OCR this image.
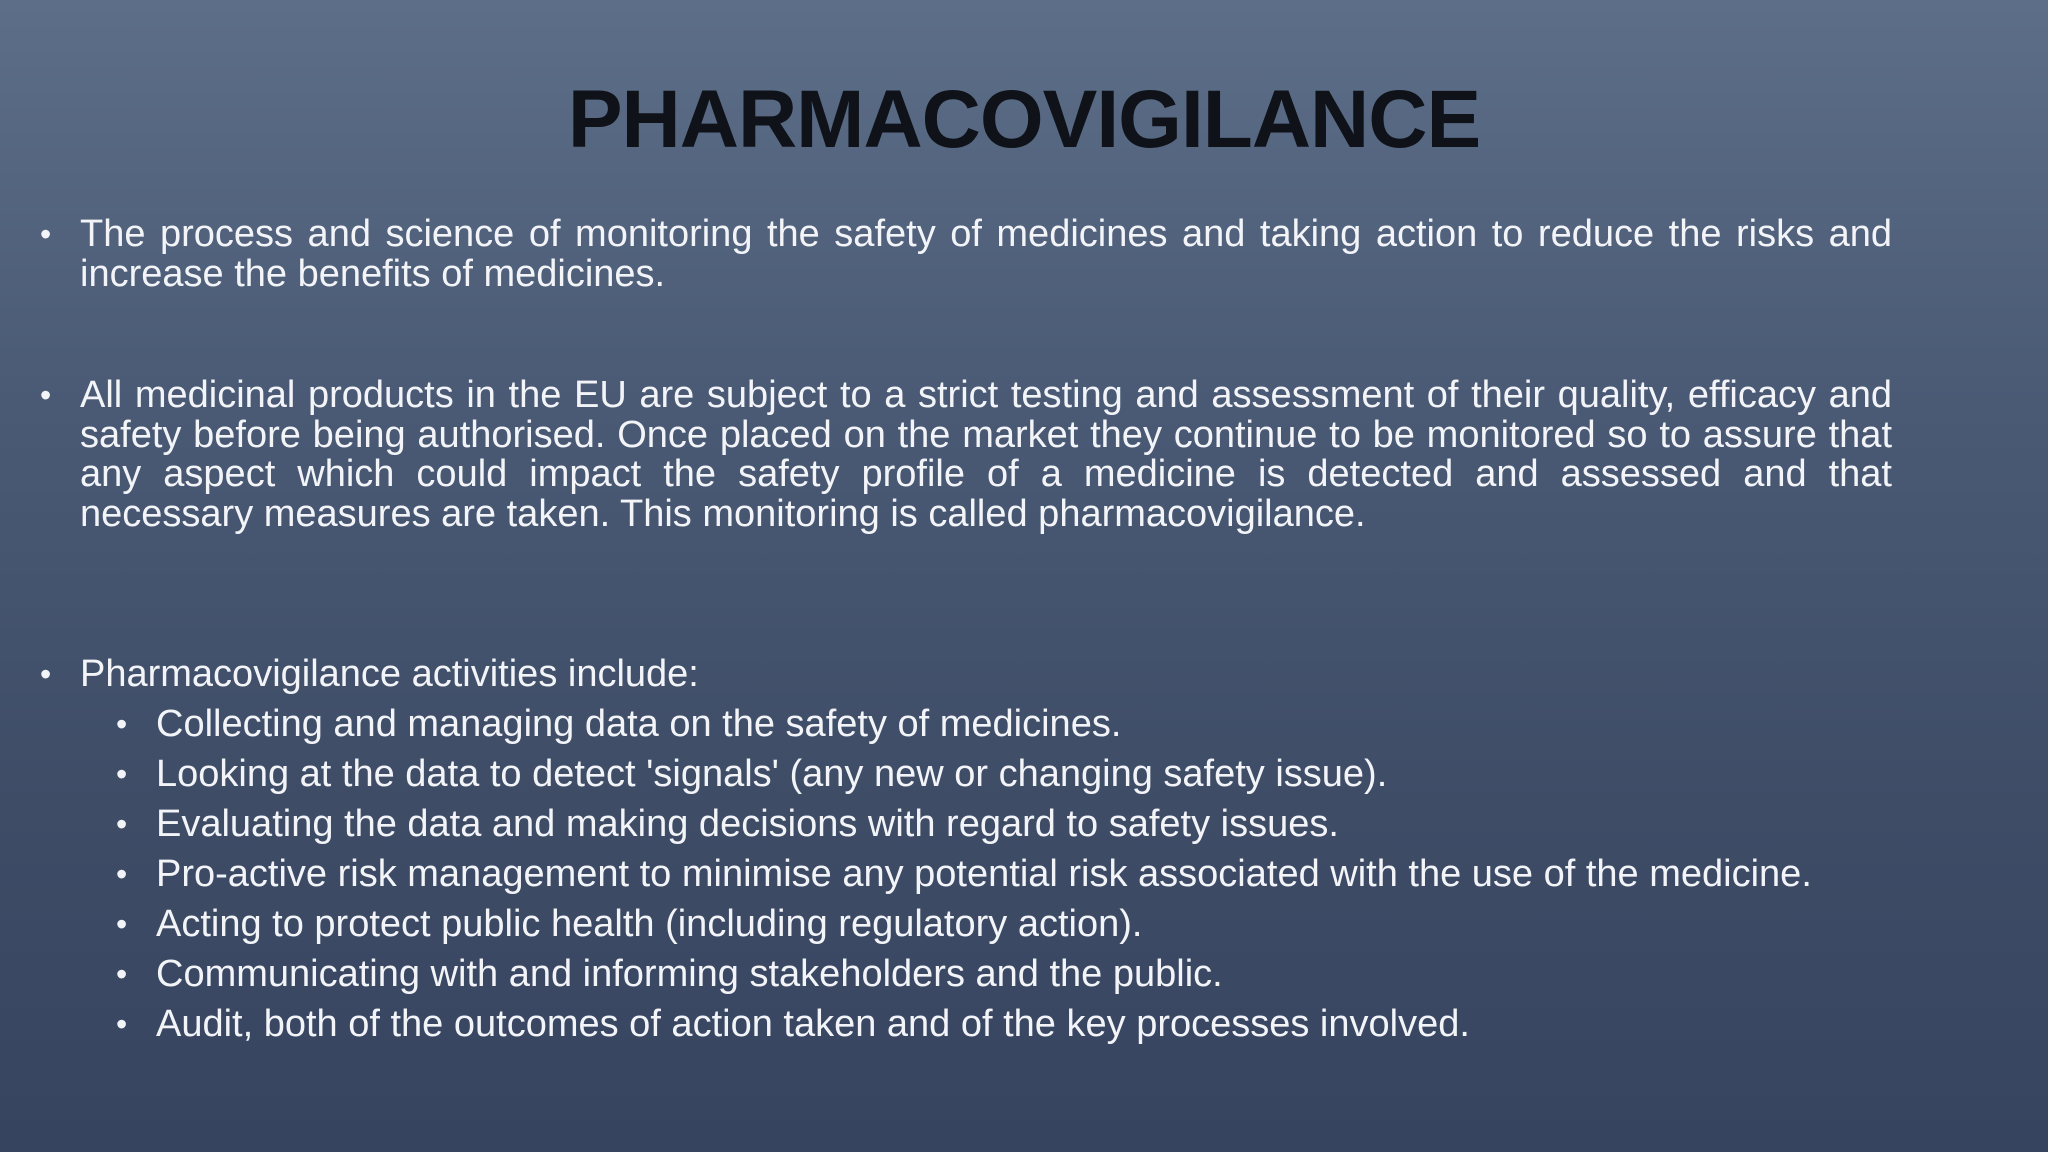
PHARMACOVIGILANCE
• The process and science of monitoring the safety of medicines and taking action to reduce the risks and increase the benefits of medicines.
• All medicinal products in the EU are subject to a strict testing and assessment of their quality, efficacy and safety before being authorised. Once placed on the market they continue to be monitored so to assure that any aspect which could impact the safety profile of a medicine is detected and assessed and that necessary measures are taken. This monitoring is called pharmacovigilance.
• Pharmacovigilance activities include:
• Collecting and managing data on the safety of medicines.
• Looking at the data to detect 'signals' (any new or changing safety issue).
• Evaluating the data and making decisions with regard to safety issues.
• Pro-active risk management to minimise any potential risk associated with the use of the medicine.
• Acting to protect public health (including regulatory action).
• Communicating with and informing stakeholders and the public.
• Audit, both of the outcomes of action taken and of the key processes involved.
